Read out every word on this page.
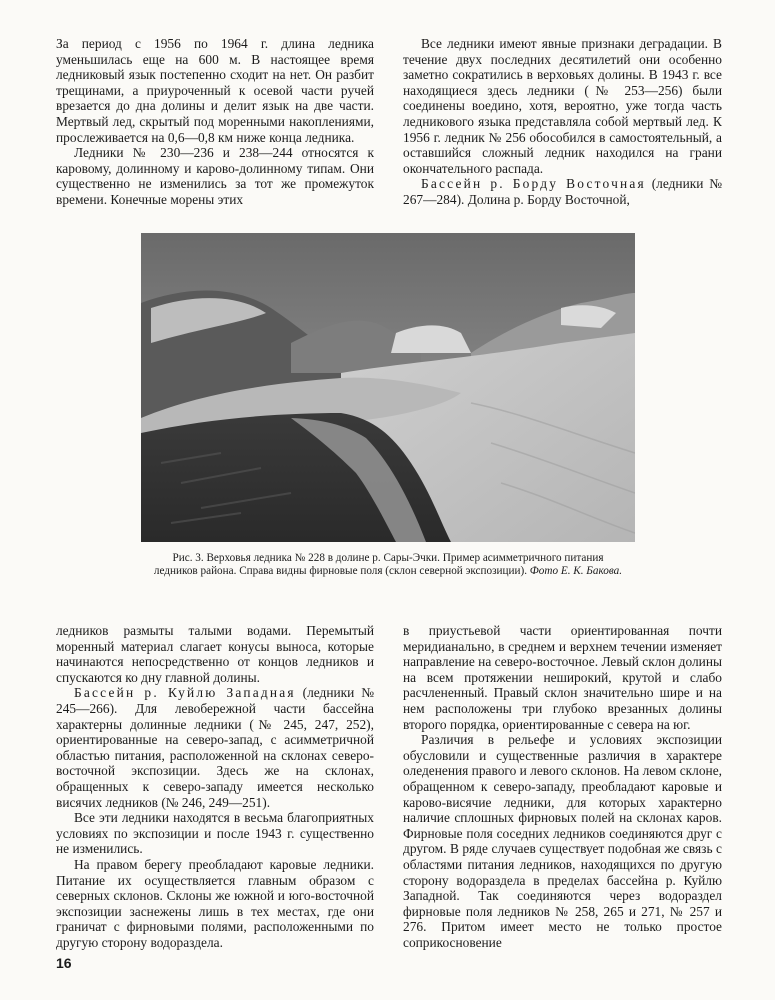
За период с 1956 по 1964 г. длина ледника уменьшилась еще на 600 м. В настоящее время ледниковый язык постепенно сходит на нет. Он разбит трещинами, а приуроченный к осевой части ручей врезается до дна долины и делит язык на две части. Мертвый лед, скрытый под моренными накоплениями, прослеживается на 0,6—0,8 км ниже конца ледника.

Ледники № 230—236 и 238—244 относятся к каровому, долинному и карово-долинному типам. Они существенно не изменились за тот же промежуток времени. Конечные морены этих

Все ледники имеют явные признаки деградации. В течение двух последних десятилетий они особенно заметно сократились в верховьях долины. В 1943 г. все находящиеся здесь ледники (№ 253—256) были соединены воедино, хотя, вероятно, уже тогда часть ледникового языка представляла собой мертвый лед. К 1956 г. ледник № 256 обособился в самостоятельный, а оставшийся сложный ледник находился на грани окончательного распада.

Бассейн р. Борду Восточная (ледники № 267—284). Долина р. Борду Восточной,

Рис. 3. Верховья ледника № 228 в долине р. Сары-Эчки. Пример асимметричного питания ледников района. Справа видны фирновые поля (склон северной экспозиции). Фото Е. К. Бакова.

ледников размыты талыми водами. Перемытый моренный материал слагает конусы выноса, которые начинаются непосредственно от концов ледников и спускаются ко дну главной долины.

Бассейн р. Куйлю Западная (ледники № 245—266). Для левобережной части бассейна характерны долинные ледники (№ 245, 247, 252), ориентированные на северо-запад, с асимметричной областью питания, расположенной на склонах северо-восточной экспозиции. Здесь же на склонах, обращенных к северо-западу имеется несколько висячих ледников (№ 246, 249—251).

Все эти ледники находятся в весьма благоприятных условиях по экспозиции и после 1943 г. существенно не изменились.

На правом берегу преобладают каровые ледники. Питание их осуществляется главным образом с северных склонов. Склоны же южной и юго-восточной экспозиции заснежены лишь в тех местах, где они граничат с фирновыми полями, расположенными по другую сторону водораздела.

в приустьевой части ориентированная почти меридианально, в среднем и верхнем течении изменяет направление на северо-восточное. Левый склон долины на всем протяжении неширокий, крутой и слабо расчлененный. Правый склон значительно шире и на нем расположены три глубоко врезанных долины второго порядка, ориентированные с севера на юг.

Различия в рельефе и условиях экспозиции обусловили и существенные различия в характере оледенения правого и левого склонов. На левом склоне, обращенном к северо-западу, преобладают каровые и карово-висячие ледники, для которых характерно наличие сплошных фирновых полей на склонах каров. Фирновые поля соседних ледников соединяются друг с другом. В ряде случаев существует подобная же связь с областями питания ледников, находящихся по другую сторону водораздела в пределах бассейна р. Куйлю Западной. Так соединяются через водораздел фирновые поля ледников № 258, 265 и 271, № 257 и 276. Притом имеет место не только простое соприкосновение

16
